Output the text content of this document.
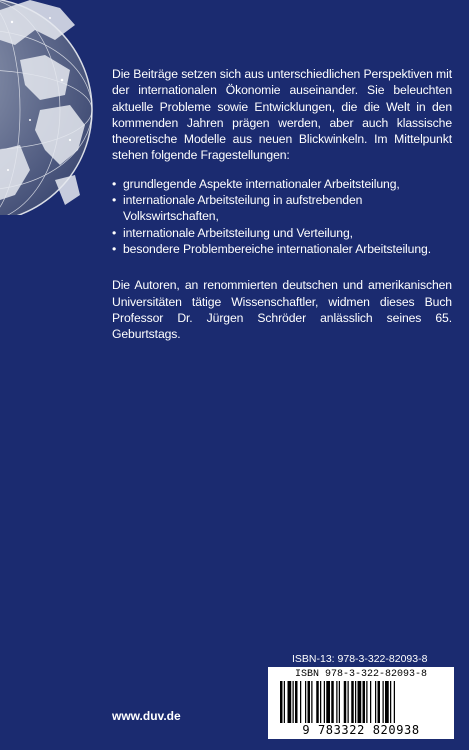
Die Beiträge setzen sich aus unterschiedlichen Perspektiven mit der internationalen Ökonomie auseinander. Sie beleuchten aktuelle Probleme sowie Entwicklungen, die die Welt in den kommenden Jahren prägen werden, aber auch klassische theoretische Modelle aus neuen Blickwinkeln. Im Mittelpunkt stehen folgende Fragestellungen:

• grundlegende Aspekte internationaler Arbeitsteilung,
• internationale Arbeitsteilung in aufstrebenden Volkswirtschaften,
• internationale Arbeitsteilung und Verteilung,
• besondere Problembereiche internationaler Arbeitsteilung.

Die Autoren, an renommierten deutschen und amerikanischen Universitäten tätige Wissenschaftler, widmen dieses Buch Professor Dr. Jürgen Schröder anlässlich seines 65. Geburtstags.

ISBN-13: 978-3-322-82093-8
ISBN 978-3-322-82093-8
9 783322 820938
www.duv.de
